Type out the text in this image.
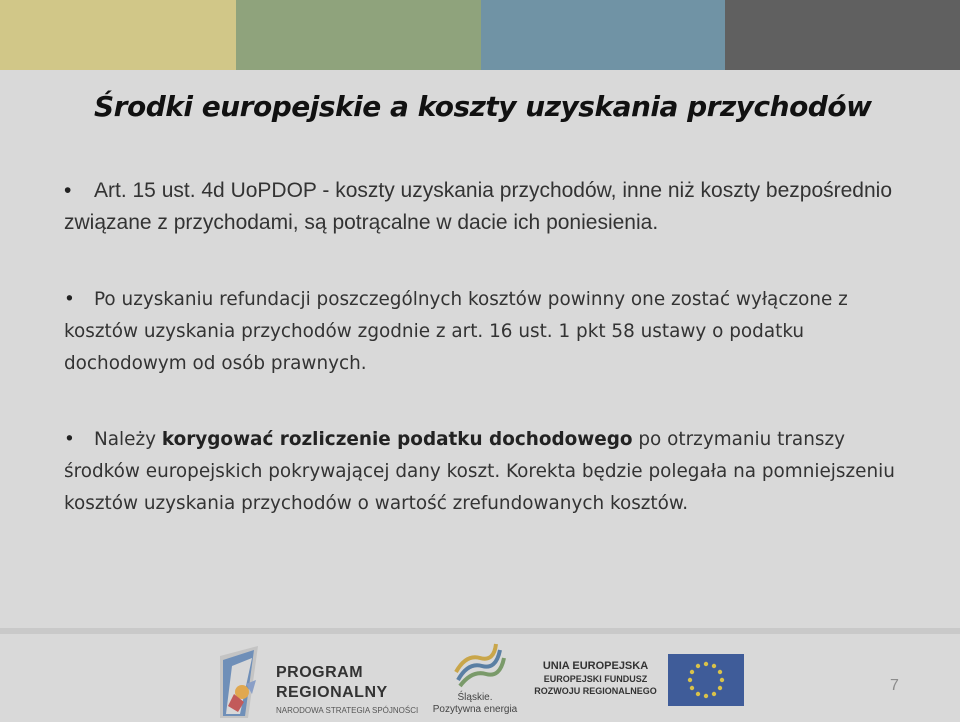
Środki europejskie a koszty uzyskania przychodów

• Art. 15 ust. 4d UoPDOP - koszty uzyskania przychodów, inne niż koszty bezpośrednio związane z przychodami, są potrącalne w dacie ich poniesienia.

• Po uzyskaniu refundacji poszczególnych kosztów powinny one zostać wyłączone z kosztów uzyskania przychodów zgodnie z art. 16 ust. 1 pkt 58 ustawy o podatku dochodowym od osób prawnych.

• Należy korygować rozliczenie podatku dochodowego po otrzymaniu transzy środków europejskich pokrywającej dany koszt. Korekta będzie polegała na pomniejszeniu kosztów uzyskania przychodów o wartość zrefundowanych kosztów.

PROGRAM
REGIONALNY
NARODOWA STRATEGIA SPÓJNOŚCI
Śląskie.
Pozytywna energia
UNIA EUROPEJSKA
EUROPEJSKI FUNDUSZ
ROZWOJU REGIONALNEGO	7
